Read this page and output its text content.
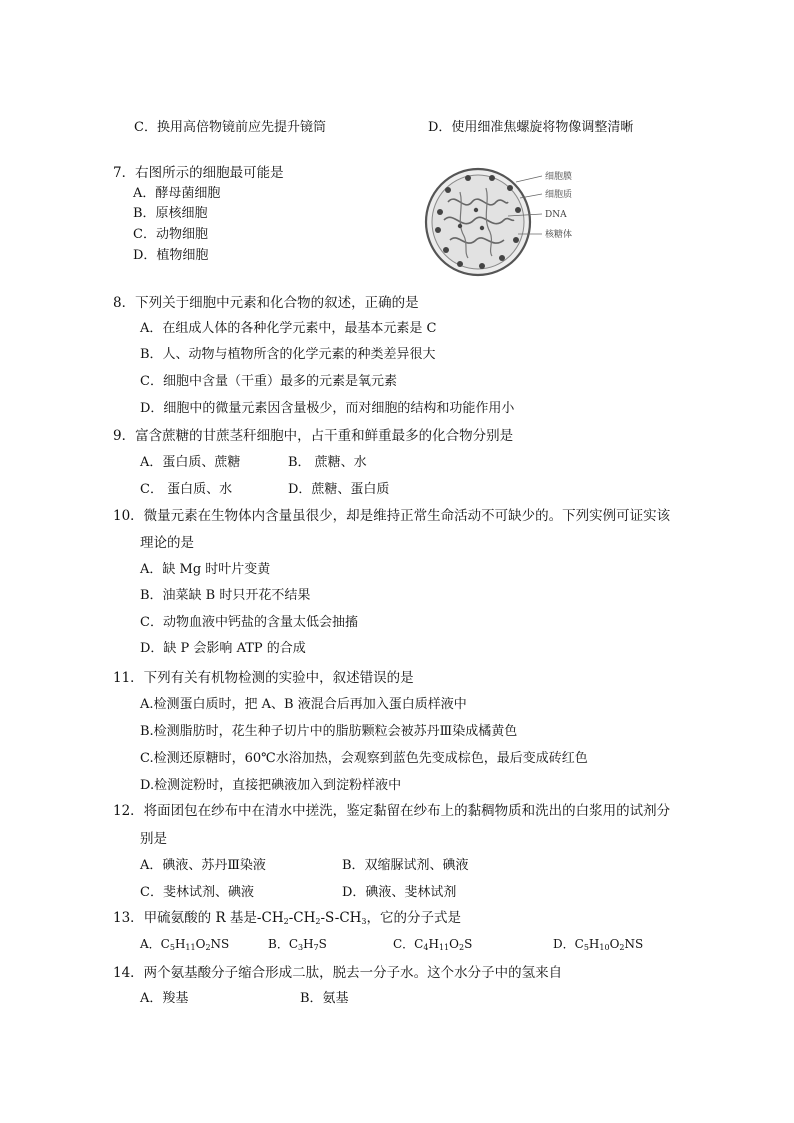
C．换用高倍物镜前应先提升镜筒	D．使用细准焦螺旋将物像调整清晰
7．右图所示的细胞最可能是
A．酵母菌细胞
B．原核细胞
C．动物细胞
D．植物细胞
细胞膜
细胞质
DNA
核糖体
8．下列关于细胞中元素和化合物的叙述，正确的是
A．在组成人体的各种化学元素中，最基本元素是 C
B．人、动物与植物所含的化学元素的种类差异很大
C．细胞中含量（干重）最多的元素是氧元素
D．细胞中的微量元素因含量极少，而对细胞的结构和功能作用小
9．富含蔗糖的甘蔗茎秆细胞中，占干重和鲜重最多的化合物分别是
A．蛋白质、蔗糖	B． 蔗糖、水
C． 蛋白质、水	D．蔗糖、蛋白质
10．微量元素在生物体内含量虽很少，却是维持正常生命活动不可缺少的。下列实例可证实该
理论的是
A．缺 Mg 时叶片变黄
B．油菜缺 B 时只开花不结果
C．动物血液中钙盐的含量太低会抽搐
D．缺 P 会影响 ATP 的合成
11．下列有关有机物检测的实验中，叙述错误的是
A.检测蛋白质时，把 A、B 液混合后再加入蛋白质样液中
B.检测脂肪时，花生种子切片中的脂肪颗粒会被苏丹Ⅲ染成橘黄色
C.检测还原糖时，60℃水浴加热，会观察到蓝色先变成棕色，最后变成砖红色
D.检测淀粉时，直接把碘液加入到淀粉样液中
12．将面团包在纱布中在清水中搓洗，鉴定黏留在纱布上的黏稠物质和洗出的白浆用的试剂分
别是
A．碘液、苏丹Ⅲ染液	B．双缩脲试剂、碘液
C．斐林试剂、碘液	D．碘液、斐林试剂
13．甲硫氨酸的 R 基是$-CH_2-CH_2-S-CH_3$，它的分子式是
A．$C_5H_{11}O_2NS$	B．$C_3H_7S$	C．$C_4H_{11}O_2S$	D．$C_5H_{10}O_2NS$
14．两个氨基酸分子缩合形成二肽，脱去一分子水。这个水分子中的氢来自
A．羧基	B．氨基
